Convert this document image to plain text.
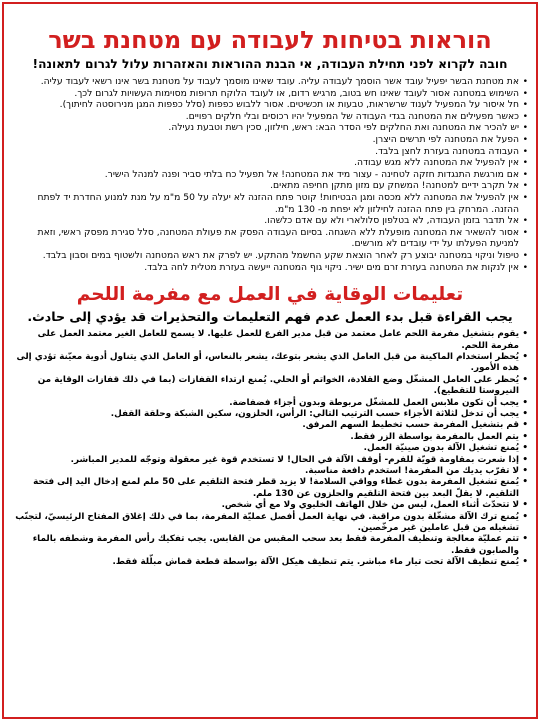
הוראות בטיחות לעבודה עם מטחנת בשר
חובה לקרוא לפני תחילת העבודה, אי הבנת ההוראות והאזהרות עלול לגרום לתאונה!
• את מטחנת הבשר יפעיל עובד אשר הוסמך לעבודה עליה. עובד שאינו מוסמך לעבוד על מטחנת בשר אינו רשאי לעבוד עליה.
• השימוש במטחנה אסור לעובד שאינו חש בטוב, מרגיש רדום, או לעובד הלוקח תרופות מסוימות העשויות לגרום לכך.
• חל איסור על המפעיל לענוד שרשראות, טבעות או תכשיטים. אסור ללבוש כפפות (סלל כפפות המגן מנירוסטה לחיתוך).
• כאשר מפעילים את המטחנה בגדי העבודה של המפעיל יהיו רכוסים ובלי חלקים רפויים.
• יש להכיר את המטחנה ואת החלקים לפי הסדר הבא: ראש, חילזון, סכין רשת וטבעת נעילה.
• הפעל את המטחנה לפי תרשים היצרן.
• העבודה במטחנה בעזרת לחצן בלבד.
• אין להפעיל את המטחנה ללא מגש עבודה.
• אם מורגשת התנגדות חזקה לטחינה - עצור מיד את המטחנה! אל תפעיל כח בלתי סביר ופנה למנהל הישיר.
• אל תקרב ידיים למטחנה! המשחק עם מזון מתקן חחיפה מתאים.
• אין להפעיל את המטחנה ללא מכסה ומגן הבטיחות! קוטר פתח ההזנה לא יעלה על 50 מ"מ על מנת למנוע החדרת יד לפתח ההזנה. המרחק בין פתח ההזנה לחילזון לא יפחת מ- 130 מ"מ.
• אל תדבר בזמן העבודה, לא בטלפון סלולארי ולא עם אדם כלשהו.
• אסור להשאיר את המטחנה מופעלת ללא השגחה. בסיום העבודה הפסק את פעולת המטחנה, סלל סגירת מפסק ראשי, וזאת למניעת הפעלתו על ידי עובדים לא מורשים.
• טיפול וניקוי במטחנה יבוצע רק לאחר הוצאת שקע החשמל מהתקע. יש לפרק את ראש המטחנה ולשטוף במים וסבון בלבד.
• אין לנקות את המטחנה בעזרת זרם מים ישיר. ניקוי גוף המטחנה ייעשה בעזרת מטלית לחה בלבד.
تعليمات الوقاية في العمل مع مفرمة اللحم
يجب القراءة قبل بدء العمل عدم فهم التعليمات والتحذيرات قد يؤدي إلى حادث.
• يقوم بتشغيل مفرمة اللحم عامل معتمد من قبل مدير الفرع للعمل عليها. لا يسمح للعامل الغير معتمد العمل على مفرمة اللحم.
• يُحظر استخدام الماكينة من قبل العامل الذي يشعر بتوعك، يشعر بالنعاس، أو العامل الذي يتناول أدوية معيّنة تؤدي إلى هذه الأمور.
• يُحظر على العامل المشغّل وضع القلادة، الخواتم أو الحلي. يُمنع ارتداء القفازات (بما في ذلك قفازات الوقاية من النيروستا للتقطيع).
• يجب أن تكون ملابس العمل للمشغّل مربوطة وبدون أجزاء فضفاضة.
• يجب أن تدخل لثلاثة الأجزاء حسب الترتيب التالي: الرأس، الحلزون، سكين الشبكة وحلقة القفل.
• قم بتشغيل المفرمة حسب تخطيط السهم المرفق.
• يتم العمل بالمفرمة بواسطة الزر فقط.
• يُمنع تشغيل الآلة بدون صينيّة العمل.
• إذا شعرت بمقاومة قويّة للفرم- أوقف الآلة في الحال! لا تستخدم قوة غير معقولة وتوجّه للمدير المباشر.
• لا تقرّب يديك من المفرمة! استخدم دافعة مناسبة.
• يُمنع تشغيل المفرمة بدون غطاء وواقي السلامة! لا يزيد قطر فتحة التلقيم على 50 ملم لمنع إدخال اليد إلى فتحة التلقيم. لا يقلّ البعد بين فتحة التلقيم والحلزون عن 130 ملم.
• لا تتحدّث أثناء العمل، ليس من خلال الهاتف الخليوي ولا مع أي شخص.
• يُمنع ترك الآلة مشغّلة بدون مراقبة. في نهاية العمل أفصل عمليّة المفرمة، بما في ذلك إغلاق المفتاح الرئيسيّ، لتجنّب تشغيله من قبل عاملين غير مرخّصين.
• تتم عمليّة معالجة وتنظيف المفرمة فقط بعد سحب المقبس من القابس. يجب تفكيك رأس المفرمة وشطفه بالماء والصابون فقط.
• يُمنع تنظيف الآلة تحت تيار ماء مباشر. يتم تنظيف هيكل الآلة بواسطة قطعة قماش مبلّلة فقط.
